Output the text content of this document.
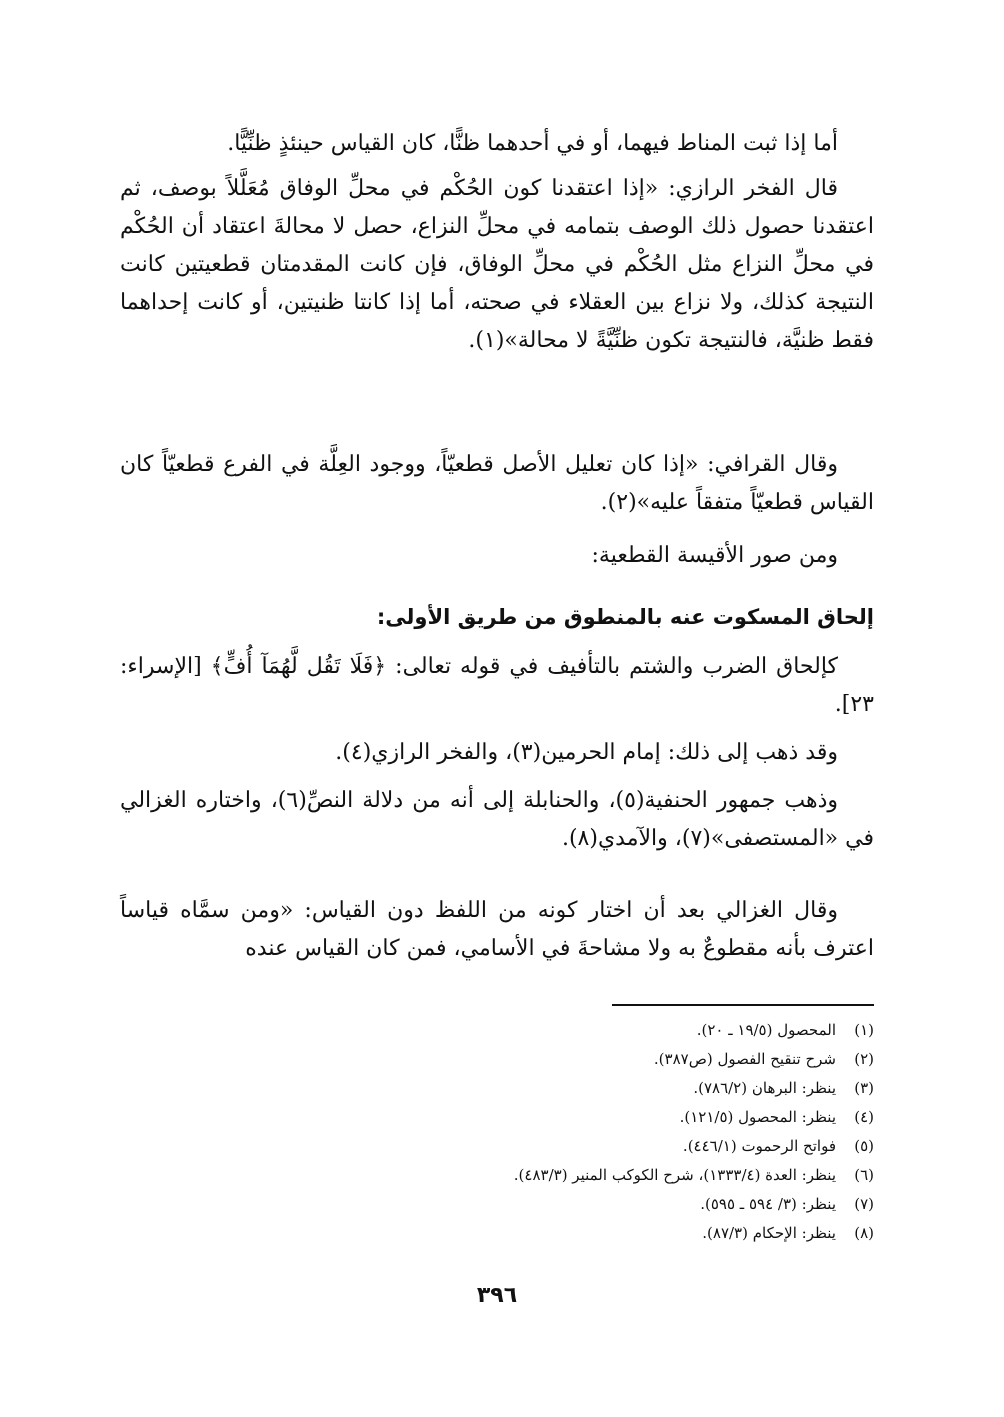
أما إذا ثبت المناط فيهما، أو في أحدهما ظنًّا، كان القياس حينئذٍ ظنِّيًّا.

قال الفخر الرازي: «إذا اعتقدنا كون الحُكْم في محلِّ الوفاق مُعَلَّلاً بوصف، ثم اعتقدنا حصول ذلك الوصف بتمامه في محلِّ النزاع، حصل لا محالةَ اعتقاد أن الحُكْم في محلِّ النزاع مثل الحُكْم في محلِّ الوفاق، فإن كانت المقدمتان قطعيتين كانت النتيجة كذلك، ولا نزاع بين العقلاء في صحته، أما إذا كانتا ظنيتين، أو كانت إحداهما فقط ظنيَّة، فالنتيجة تكون ظنِّيَّةً لا محالة»(١).

وقال القرافي: «إذا كان تعليل الأصل قطعيّاً، ووجود العِلَّة في الفرع قطعيّاً كان القياس قطعيّاً متفقاً عليه»(٢).

ومن صور الأقيسة القطعية:

إلحاق المسكوت عنه بالمنطوق من طريق الأولى:

كإلحاق الضرب والشتم بالتأفيف في قوله تعالى: ﴿فَلَا تَقُل لَّهُمَآ أُفٍّ﴾ [الإسراء: ٢٣].

وقد ذهب إلى ذلك: إمام الحرمين(٣)، والفخر الرازي(٤).

وذهب جمهور الحنفية(٥)، والحنابلة إلى أنه من دلالة النصِّ(٦)، واختاره الغزالي في «المستصفى»(٧)، والآمدي(٨).

وقال الغزالي بعد أن اختار كونه من اللفظ دون القياس: «ومن سمَّاه قياساً اعترف بأنه مقطوعٌ به ولا مشاحةَ في الأسامي، فمن كان القياس عنده

(١)
المحصول (١٩/٥ ـ ٢٠).
(٢)
شرح تنقيح الفصول (ص٣٨٧).
(٣)
ينظر: البرهان (٧٨٦/٢).
(٤)
ينظر: المحصول (١٢١/٥).
(٥)
فواتح الرحموت (٤٤٦/١).
(٦)
ينظر: العدة (١٣٣٣/٤)، شرح الكوكب المنير (٤٨٣/٣).
(٧)
ينظر: (٣/ ٥٩٤ ـ ٥٩٥).
(٨)
ينظر: الإحكام (٨٧/٣).
٣٩٦
